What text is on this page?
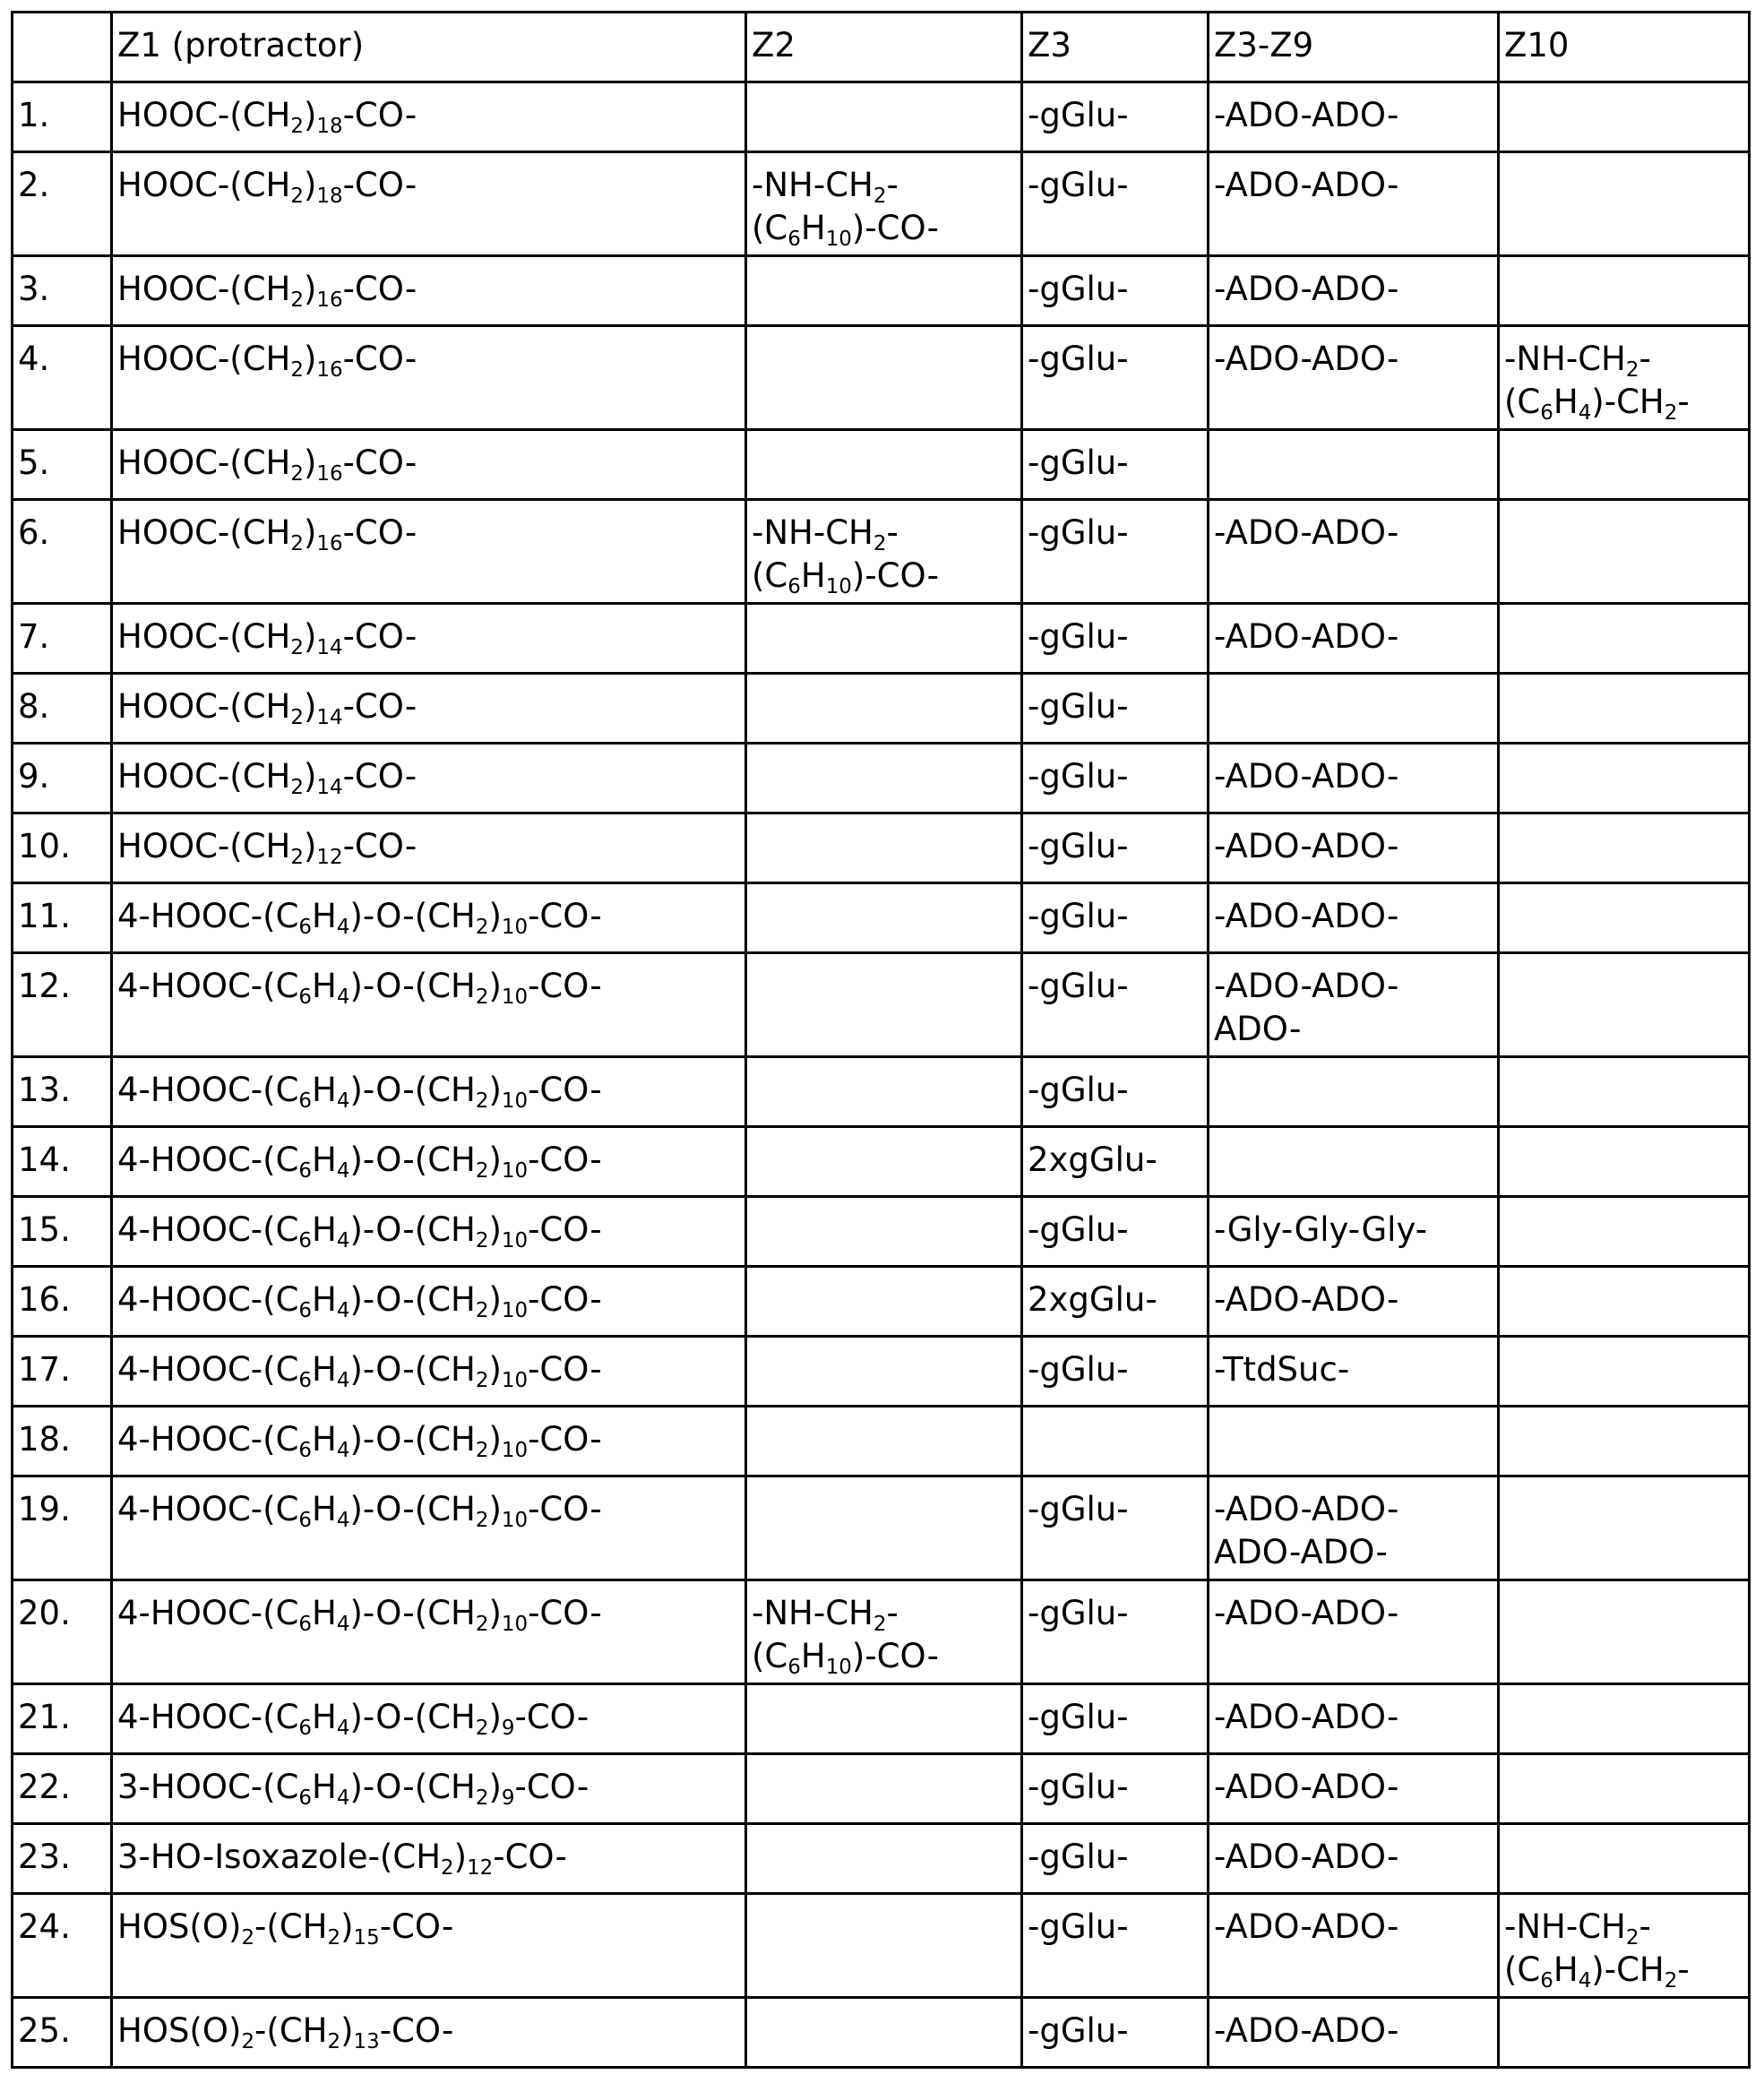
	Z1 (protractor)	Z2	Z3	Z3-Z9	Z10

1.	HOOC-$(CH_2)_{18}-CO-$		-gGlu-	-ADO-ADO-	

2.	HOOC-$(CH_2)_{18}-CO-$	$-NH-CH_2-$
$(C_6H_{10})-CO-$	-gGlu-	-ADO-ADO-	

3.	HOOC-$(CH_2)_{16}-CO-$		-gGlu-	-ADO-ADO-	

4.	HOOC-$(CH_2)_{16}-CO-$		-gGlu-	-ADO-ADO-	$-NH-CH_2-$
$(C_6H_4)-CH_2-$

5.	HOOC-$(CH_2)_{16}-CO-$		-gGlu-		

6.	HOOC-$(CH_2)_{16}-CO-$	$-NH-CH_2-$
$(C_6H_{10})-CO-$	-gGlu-	-ADO-ADO-	

7.	HOOC-$(CH_2)_{14}-CO-$		-gGlu-	-ADO-ADO-	

8.	HOOC-$(CH_2)_{14}-CO-$		-gGlu-		

9.	HOOC-$(CH_2)_{14}-CO-$		-gGlu-	-ADO-ADO-	

10.	HOOC-$(CH_2)_{12}-CO-$		-gGlu-	-ADO-ADO-	

11.	$4-HOOC-(C_6H_4)-O-(CH_2)_{10}-CO-$		-gGlu-	-ADO-ADO-	

12.	$4-HOOC-(C_6H_4)-O-(CH_2)_{10}-CO-$		-gGlu-	-ADO-ADO-
ADO-	

13.	$4-HOOC-(C_6H_4)-O-(CH_2)_{10}-CO-$		-gGlu-		

14.	$4-HOOC-(C_6H_4)-O-(CH_2)_{10}-CO-$		2xgGlu-		

15.	$4-HOOC-(C_6H_4)-O-(CH_2)_{10}-CO-$		-gGlu-	-Gly-Gly-Gly-	

16.	$4-HOOC-(C_6H_4)-O-(CH_2)_{10}-CO-$		2xgGlu-	-ADO-ADO-	

17.	$4-HOOC-(C_6H_4)-O-(CH_2)_{10}-CO-$		-gGlu-	-TtdSuc-	

18.	$4-HOOC-(C_6H_4)-O-(CH_2)_{10}-CO-$				

19.	$4-HOOC-(C_6H_4)-O-(CH_2)_{10}-CO-$		-gGlu-	-ADO-ADO-
ADO-ADO-	

20.	$4-HOOC-(C_6H_4)-O-(CH_2)_{10}-CO-$	$-NH-CH_2-$
$(C_6H_{10})-CO-$	-gGlu-	-ADO-ADO-	

21.	$4-HOOC-(C_6H_4)-O-(CH_2)_9-CO-$		-gGlu-	-ADO-ADO-	

22.	$3-HOOC-(C_6H_4)-O-(CH_2)_9-CO-$		-gGlu-	-ADO-ADO-	

23.	$3-HO-Isoxazole-(CH_2)_{12}-CO-$		-gGlu-	-ADO-ADO-	

24.	$HOS(O)_2-(CH_2)_{15}-CO-$		-gGlu-	-ADO-ADO-	$-NH-CH_2-$
$(C_6H_4)-CH_2-$

25.	$HOS(O)_2-(CH_2)_{13}-CO-$		-gGlu-	-ADO-ADO-	
